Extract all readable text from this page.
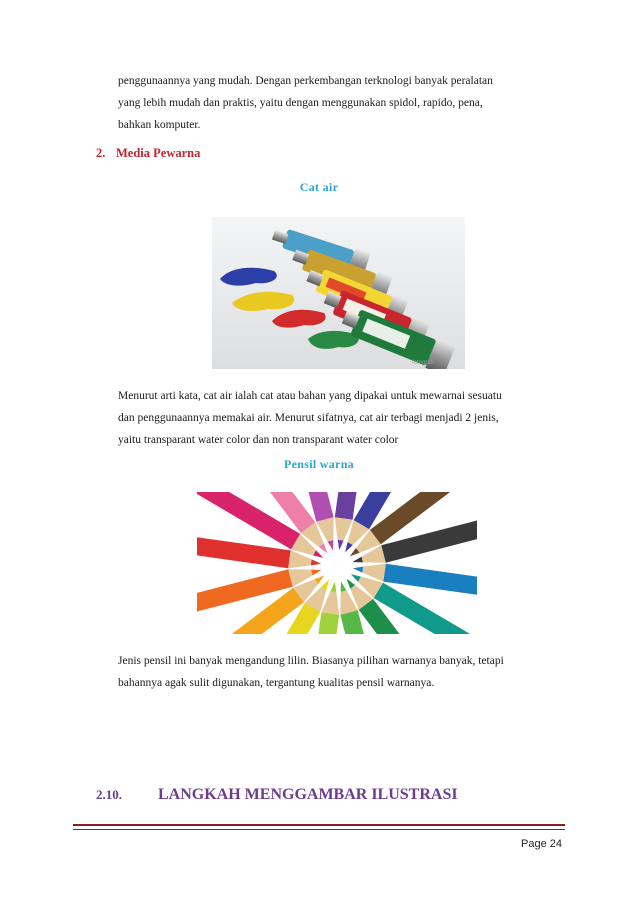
penggunaannya yang mudah. Dengan perkembangan terknologi banyak peralatan

yang lebih mudah dan praktis, yaitu dengan menggunakan spidol, rapido, pena,

bahkan komputer.

2. Media Pewarna
Cat air
fotografi

Menurut arti kata, cat air ialah cat atau bahan yang dipakai untuk mewarnai sesuatu

dan penggunaannya memakai air. Menurut sifatnya, cat air terbagi menjadi 2 jenis,

yaitu transparant water color dan non transparant water color

Pensil warna

Jenis pensil ini banyak mengandung lilin. Biasanya pilihan warnanya banyak, tetapi

bahannya agak sulit digunakan, tergantung kualitas pensil warnanya.

2.10. LANGKAH MENGGAMBAR ILUSTRASI
Page 24
